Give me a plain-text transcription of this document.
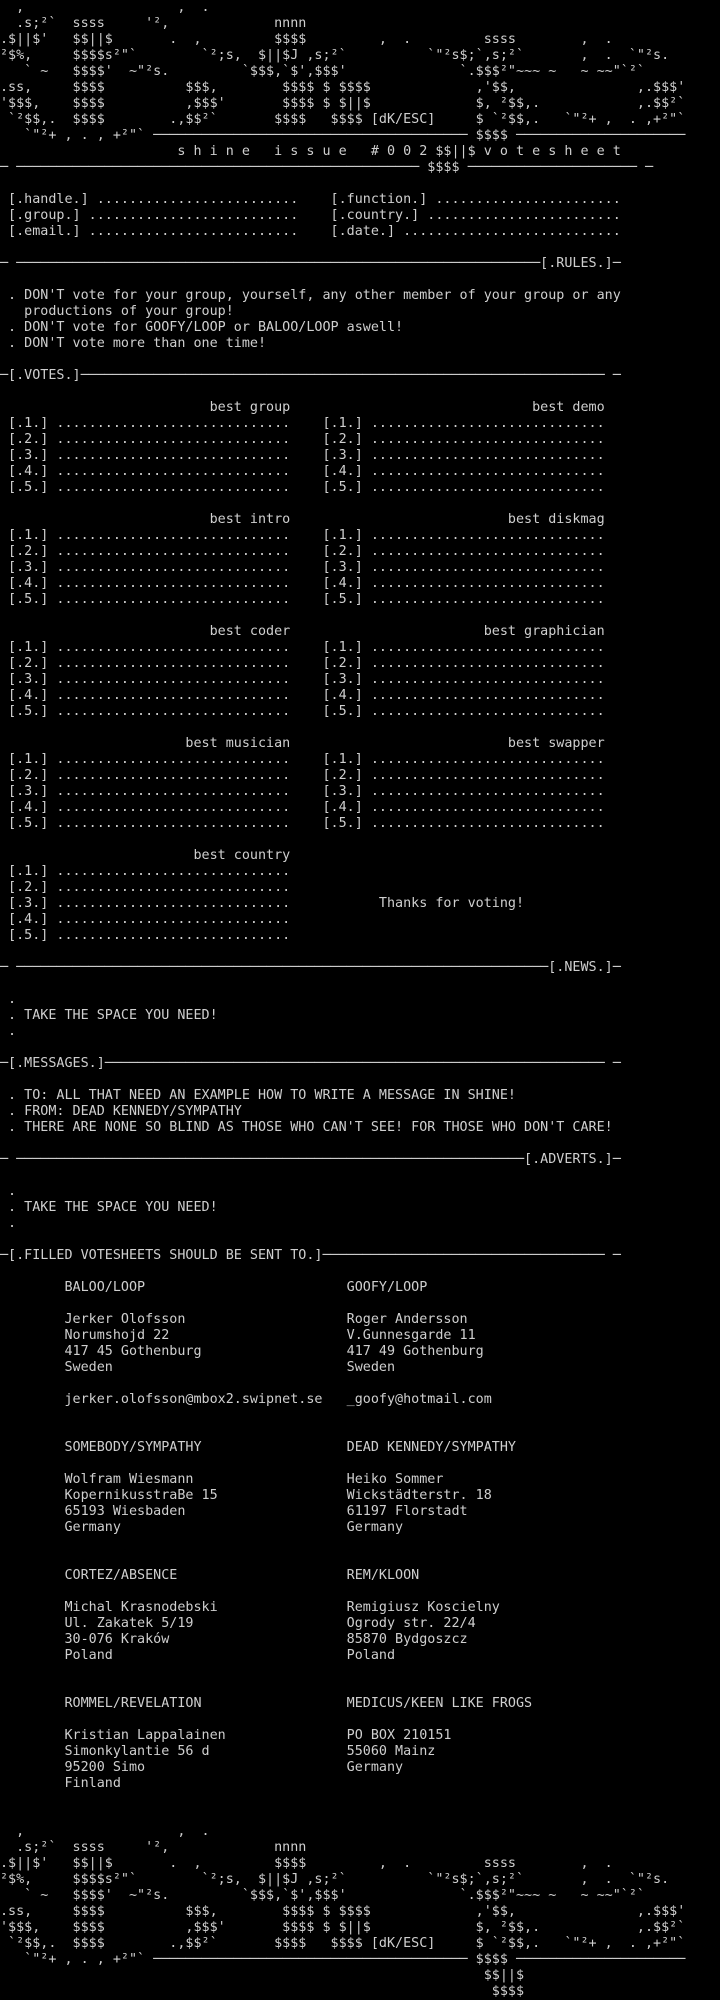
,                   ,  .
.s;²`  ssss     '²,             nnnn
.$||$'   $$||$       .  ,         $$$$         ,  .         ssss        ,  .
²$%,     $$$$s²"`        `²;s,  $||$J ,s;²`          `"²s$;`,s;²`       ,  .  `"²s.
` ~   $$$$'  ~"²s.         `$$$,`$',$$$'              `.$$$²"~~~ ~   ~ ~~"`²`
.ss,     $$$$          $$$,        $$$$ $ $$$$             ,'$$,               ,.$$$'
'$$$,    $$$$          ,$$$'       $$$$ $ $||$             $, ²$$,.            ,.$$²`
`²$$,.  $$$$        .,$$²`       $$$$   $$$$ [dK/ESC]     $ `²$$,.   `"²+ ,  . ,+²"`
`"²+ , . , +²"` ─────────────────────────────────────── $$$$ ─────────────────────
s h i n e   i s s u e   # 0 0 2 $$||$ v o t e s h e e t
─ ────────────────────────────────────────────────── $$$$ ───────────────────── ─

[.handle.] .........................    [.function.] .......................
[.group.] ..........................    [.country.] ........................
[.email.] ..........................    [.date.] ...........................

─ ─────────────────────────────────────────────────────────────────[.RULES.]─

. DON'T vote for your group, yourself, any other member of your group or any
productions of your group!
. DON'T vote for GOOFY/LOOP or BALOO/LOOP aswell!
. DON'T vote more than one time!

─[.VOTES.]───────────────────────────────────────────────────────────────── ─

best group                              best demo
[.1.] .............................    [.1.] .............................
[.2.] .............................    [.2.] .............................
[.3.] .............................    [.3.] .............................
[.4.] .............................    [.4.] .............................
[.5.] .............................    [.5.] .............................

best intro                           best diskmag
[.1.] .............................    [.1.] .............................
[.2.] .............................    [.2.] .............................
[.3.] .............................    [.3.] .............................
[.4.] .............................    [.4.] .............................
[.5.] .............................    [.5.] .............................

best coder                        best graphician
[.1.] .............................    [.1.] .............................
[.2.] .............................    [.2.] .............................
[.3.] .............................    [.3.] .............................
[.4.] .............................    [.4.] .............................
[.5.] .............................    [.5.] .............................

best musician                           best swapper
[.1.] .............................    [.1.] .............................
[.2.] .............................    [.2.] .............................
[.3.] .............................    [.3.] .............................
[.4.] .............................    [.4.] .............................
[.5.] .............................    [.5.] .............................

best country
[.1.] .............................
[.2.] .............................
[.3.] .............................           Thanks for voting!
[.4.] .............................
[.5.] .............................

─ ──────────────────────────────────────────────────────────────────[.NEWS.]─

.
. TAKE THE SPACE YOU NEED!
.

─[.MESSAGES.]────────────────────────────────────────────────────────────── ─

. TO: ALL THAT NEED AN EXAMPLE HOW TO WRITE A MESSAGE IN SHINE!
. FROM: DEAD KENNEDY/SYMPATHY
. THERE ARE NONE SO BLIND AS THOSE WHO CAN'T SEE! FOR THOSE WHO DON'T CARE!

─ ───────────────────────────────────────────────────────────────[.ADVERTS.]─

.
. TAKE THE SPACE YOU NEED!
.

─[.FILLED VOTESHEETS SHOULD BE SENT TO.]─────────────────────────────────── ─

BALOO/LOOP                         GOOFY/LOOP

Jerker Olofsson                    Roger Andersson
Norumshojd 22                      V.Gunnesgarde 11
417 45 Gothenburg                  417 49 Gothenburg
Sweden                             Sweden

jerker.olofsson@mbox2.swipnet.se   _goofy@hotmail.com

SOMEBODY/SYMPATHY                  DEAD KENNEDY/SYMPATHY

Wolfram Wiesmann                   Heiko Sommer
KopernikusstraBe 15                Wickstädterstr. 18
65193 Wiesbaden                    61197 Florstadt
Germany                            Germany

CORTEZ/ABSENCE                     REM/KLOON

Michal Krasnodebski                Remigiusz Koscielny
Ul. Zakatek 5/19                   Ogrody str. 22/4
30-076 Kraków                      85870 Bydgoszcz
Poland                             Poland

ROMMEL/REVELATION                  MEDICUS/KEEN LIKE FROGS

Kristian Lappalainen               PO BOX 210151
Simonkylantie 56 d                 55060 Mainz
95200 Simo                         Germany
Finland

,                   ,  .
.s;²`  ssss     '²,             nnnn
.$||$'   $$||$       .  ,         $$$$         ,  .         ssss        ,  .
²$%,     $$$$s²"`        `²;s,  $||$J ,s;²`          `"²s$;`,s;²`       ,  .  `"²s.
` ~   $$$$'  ~"²s.         `$$$,`$',$$$'              `.$$$²"~~~ ~   ~ ~~"`²`
.ss,     $$$$          $$$,        $$$$ $ $$$$             ,'$$,               ,.$$$'
'$$$,    $$$$          ,$$$'       $$$$ $ $||$             $, ²$$,.            ,.$$²`
`²$$,.  $$$$        .,$$²`       $$$$   $$$$ [dK/ESC]     $ `²$$,.   `"²+ ,  . ,+²"`
`"²+ , . , +²"` ─────────────────────────────────────── $$$$ ─────────────────────
$$||$
$$$$
